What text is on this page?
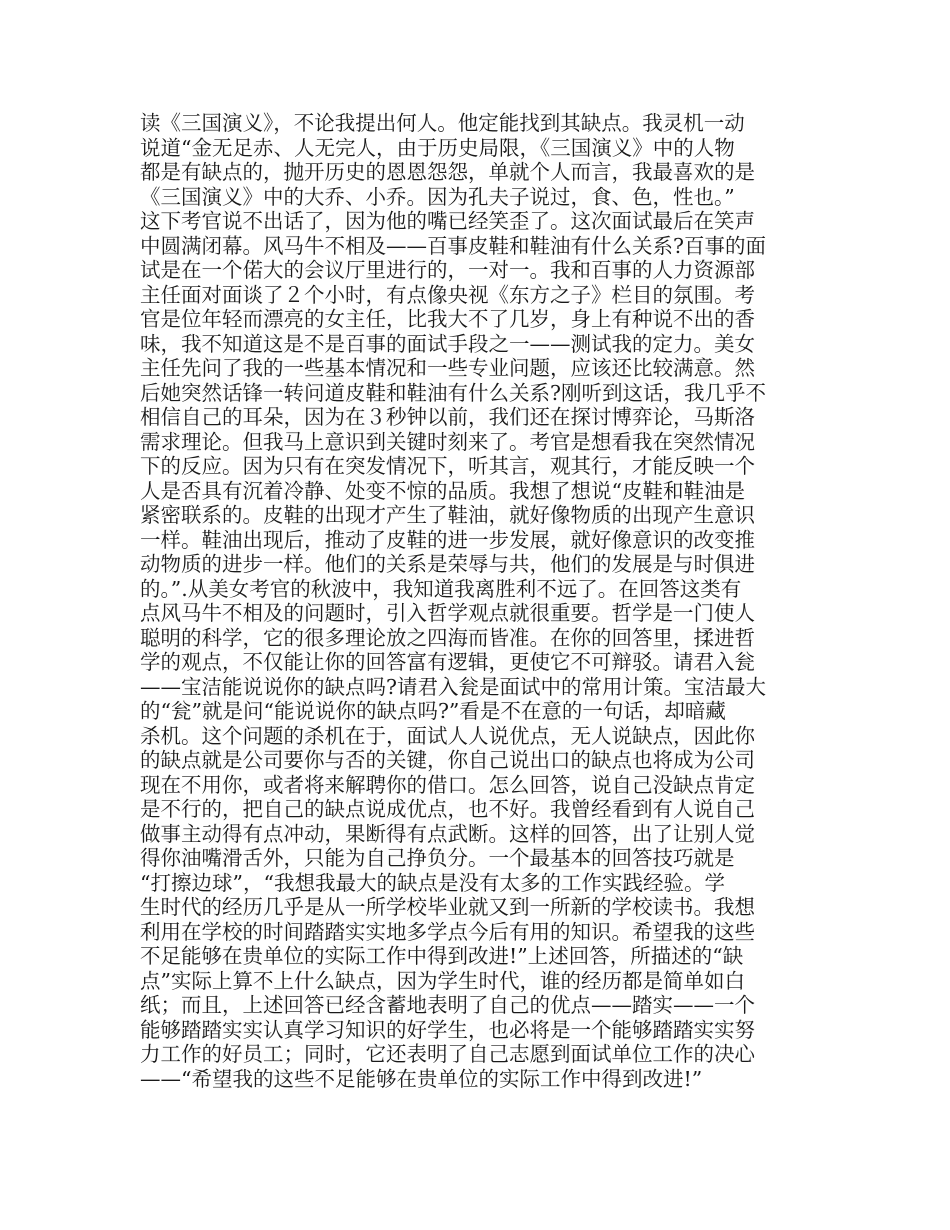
读《三国演义》，不论我提出何人。他定能找到其缺点。我灵机一动
说道“金无足赤、人无完人，由于历史局限，《三国演义》中的人物
都是有缺点的，抛开历史的恩恩怨怨，单就个人而言，我最喜欢的是
《三国演义》中的大乔、小乔。因为孔夫子说过，食、色，性也。”
这下考官说不出话了，因为他的嘴已经笑歪了。这次面试最后在笑声
中圆满闭幕。风马牛不相及——百事皮鞋和鞋油有什么关系?百事的面
试是在一个偌大的会议厅里进行的，一对一。我和百事的人力资源部
主任面对面谈了２个小时，有点像央视《东方之子》栏目的氛围。考
官是位年轻而漂亮的女主任，比我大不了几岁，身上有种说不出的香
味，我不知道这是不是百事的面试手段之一——测试我的定力。美女
主任先问了我的一些基本情况和一些专业问题，应该还比较满意。然
后她突然话锋一转问道皮鞋和鞋油有什么关系?刚听到这话，我几乎不
相信自己的耳朵，因为在３秒钟以前，我们还在探讨博弈论，马斯洛
需求理论。但我马上意识到关键时刻来了。考官是想看我在突然情况
下的反应。因为只有在突发情况下，听其言，观其行，才能反映一个
人是否具有沉着冷静、处变不惊的品质。我想了想说“皮鞋和鞋油是
紧密联系的。皮鞋的出现才产生了鞋油，就好像物质的出现产生意识
一样。鞋油出现后，推动了皮鞋的进一步发展，就好像意识的改变推
动物质的进步一样。他们的关系是荣辱与共，他们的发展是与时俱进
的。”.从美女考官的秋波中，我知道我离胜利不远了。在回答这类有
点风马牛不相及的问题时，引入哲学观点就很重要。哲学是一门使人
聪明的科学，它的很多理论放之四海而皆准。在你的回答里，揉进哲
学的观点，不仅能让你的回答富有逻辑，更使它不可辩驳。请君入瓮
——宝洁能说说你的缺点吗?请君入瓮是面试中的常用计策。宝洁最大
的“瓮”就是问“能说说你的缺点吗?”看是不在意的一句话，却暗藏
杀机。这个问题的杀机在于，面试人人说优点，无人说缺点，因此你
的缺点就是公司要你与否的关键，你自己说出口的缺点也将成为公司
现在不用你，或者将来解聘你的借口。怎么回答，说自己没缺点肯定
是不行的，把自己的缺点说成优点，也不好。我曾经看到有人说自己
做事主动得有点冲动，果断得有点武断。这样的回答，出了让别人觉
得你油嘴滑舌外，只能为自己挣负分。一个最基本的回答技巧就是
“打擦边球”，“我想我最大的缺点是没有太多的工作实践经验。学
生时代的经历几乎是从一所学校毕业就又到一所新的学校读书。我想
利用在学校的时间踏踏实实地多学点今后有用的知识。希望我的这些
不足能够在贵单位的实际工作中得到改进!”上述回答，所描述的“缺
点”实际上算不上什么缺点，因为学生时代，谁的经历都是简单如白
纸；而且，上述回答已经含蓄地表明了自己的优点——踏实——一个
能够踏踏实实认真学习知识的好学生，也必将是一个能够踏踏实实努
力工作的好员工；同时，它还表明了自己志愿到面试单位工作的决心
——“希望我的这些不足能够在贵单位的实际工作中得到改进!”
